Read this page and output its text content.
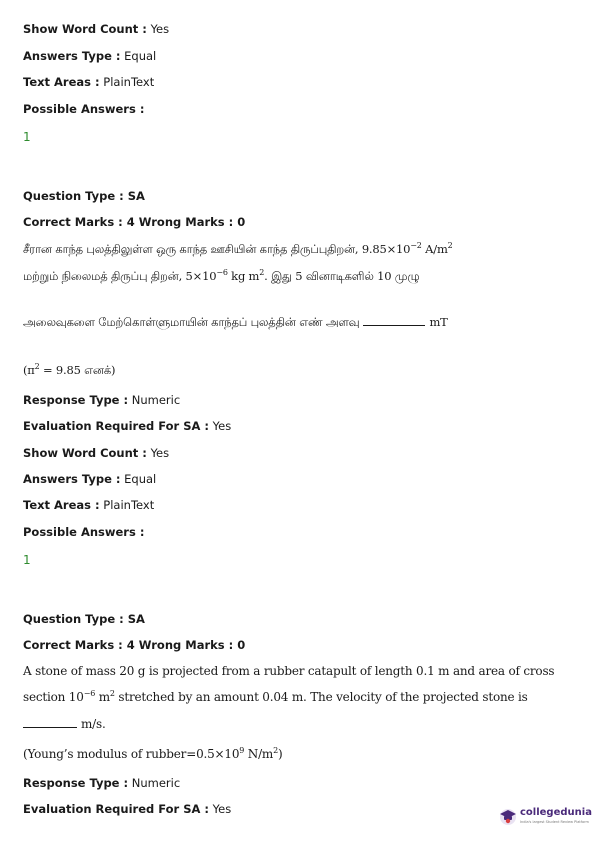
Show Word Count : Yes
Answers Type : Equal
Text Areas : PlainText
Possible Answers :
1
Question Type : SA
Correct Marks : 4 Wrong Marks : 0
சீரான காந்த புலத்திலுள்ள ஒரு காந்த ஊசியின் காந்த திருப்புதிறன், $9.85\times 10^{-2}$ $A/m^2$
மற்றும் நிலைமத் திருப்பு திறன், $5\times 10^{-6}$ kg $m^2$. இது 5 வினாடிகளில் 10 முழு
அலைவுகளை மேற்கொள்ளுமாயின் காந்தப் புலத்தின் எண் அளவு	mT
($\pi^2 = 9.85$ எனக்)
Response Type : Numeric
Evaluation Required For SA : Yes
Show Word Count : Yes
Answers Type : Equal
Text Areas : PlainText
Possible Answers :
1
Question Type : SA
Correct Marks : 4 Wrong Marks : 0
A stone of mass 20 g is projected from a rubber catapult of length 0.1 m and area of cross
section $10^{-6}$ $m^2$ stretched by an amount 0.04 m. The velocity of the projected stone is
m/s.
(Young’s modulus of $rubber=0.5\times 10^9$ $N/m^2$)
Response Type : Numeric
Evaluation Required For SA : Yes	collegedunia
India's largest Student Review Platform
